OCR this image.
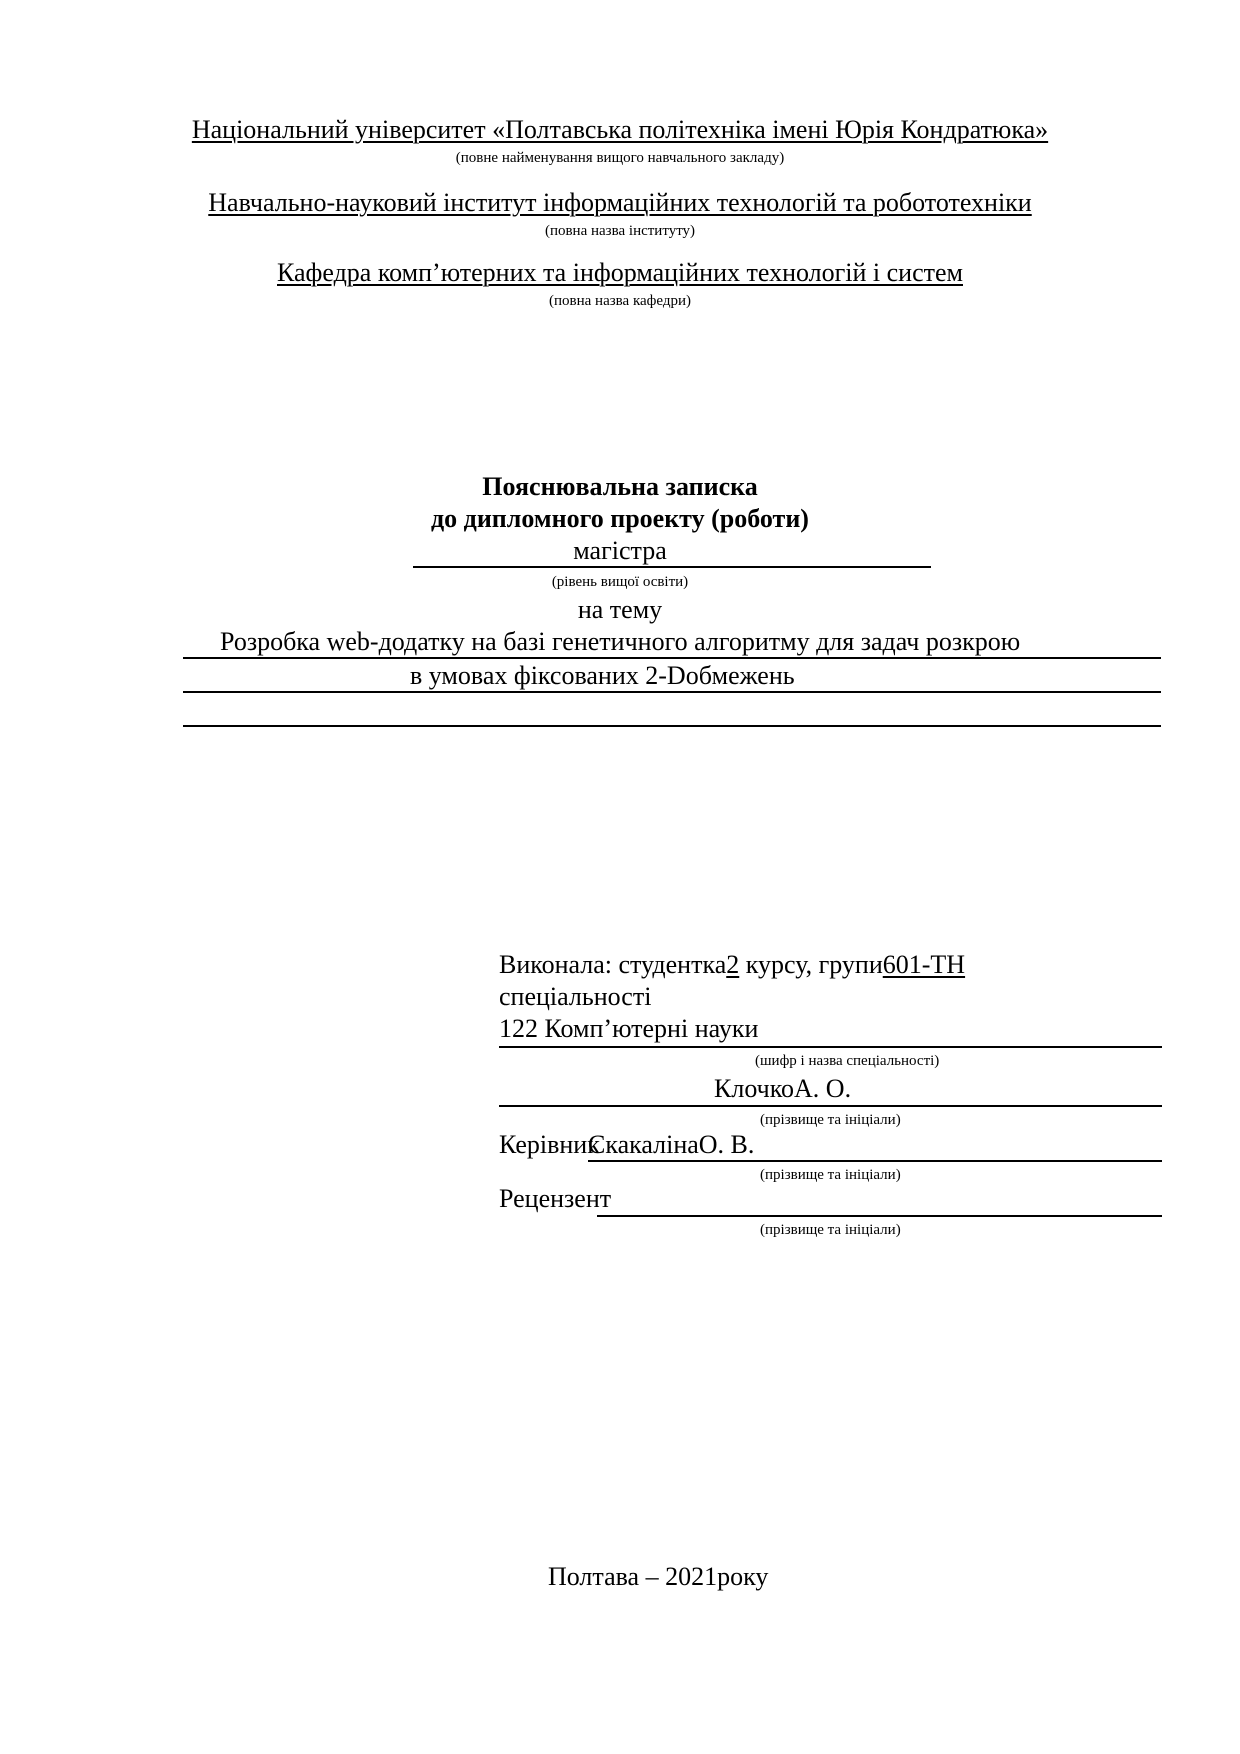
Національний університет «Полтавська політехніка імені Юрія Кондратюка»
(повне найменування вищого навчального закладу)
Навчально-науковий інститут інформаційних технологій та робототехніки
(повна назва інституту)
Кафедра комп’ютерних та інформаційних технологій і систем
(повна назва кафедри)
Пояснювальна записка
до дипломного проекту (роботи)
магістра
(рівень вищої освіти)
на тему
Розробка web-додатку на базі генетичного алгоритму для задач розкрою
в умовах фіксованих 2-Dобмежень
Виконала: студентка2 курсу, групи601-ТН
спеціальності
122 Комп’ютерні науки
(шифр і назва спеціальності)
КлочкоА. О.
(прізвище та ініціали)
Керівник
СкакалінаО. В.
(прізвище та ініціали)
Рецензент
(прізвище та ініціали)
Полтава – 2021року
